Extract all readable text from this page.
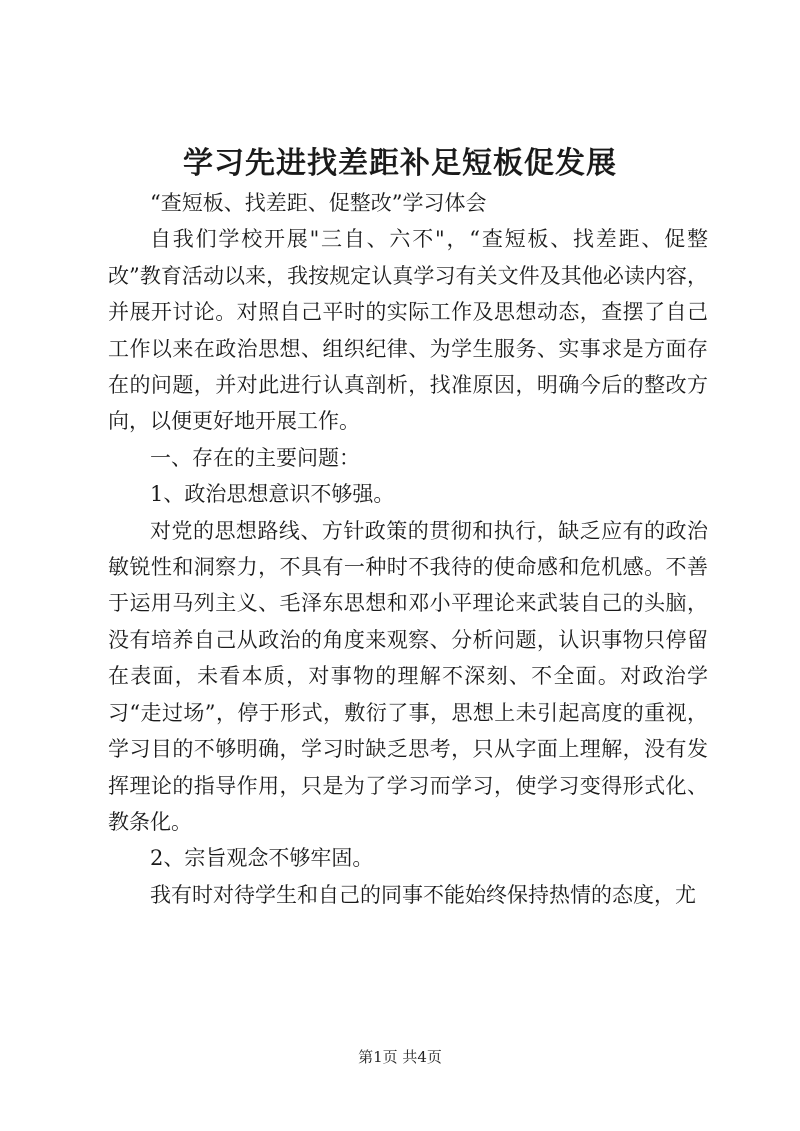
学习先进找差距补足短板促发展

“查短板、找差距、促整改”学习体会

自我们学校开展"三自、六不"，“查短板、找差距、促整改”教育活动以来，我按规定认真学习有关文件及其他必读内容，并展开讨论。对照自己平时的实际工作及思想动态，查摆了自己工作以来在政治思想、组织纪律、为学生服务、实事求是方面存在的问题，并对此进行认真剖析，找准原因，明确今后的整改方向，以便更好地开展工作。

一、存在的主要问题：

1、政治思想意识不够强。

对党的思想路线、方针政策的贯彻和执行，缺乏应有的政治敏锐性和洞察力，不具有一种时不我待的使命感和危机感。不善于运用马列主义、毛泽东思想和邓小平理论来武装自己的头脑，没有培养自己从政治的角度来观察、分析问题，认识事物只停留在表面，未看本质，对事物的理解不深刻、不全面。对政治学习“走过场”，停于形式，敷衍了事，思想上未引起高度的重视，学习目的不够明确，学习时缺乏思考，只从字面上理解，没有发挥理论的指导作用，只是为了学习而学习，使学习变得形式化、教条化。

2、宗旨观念不够牢固。

我有时对待学生和自己的同事不能始终保持热情的态度，尤

第1页 共4页
